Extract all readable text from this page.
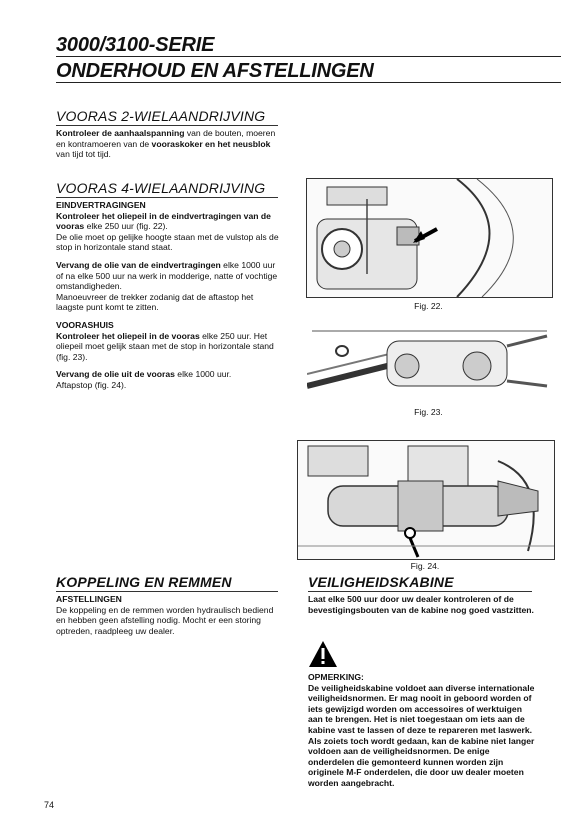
3000/3100-SERIE
ONDERHOUD EN AFSTELLINGEN
VOORAS 2-WIELAANDRIJVING

Kontroleer de aanhaalspanning van de bouten, moeren en kontramoeren van de vooraskoker en het neusblok van tijd tot tijd.

VOORAS 4-WIELAANDRIJVING

EINDVERTRAGINGEN

Kontroleer het oliepeil in de eindvertragingen van de vooras elke 250 uur (fig. 22).

De olie moet op gelijke hoogte staan met de vulstop als de stop in horizontale stand staat.

Vervang de olie van de eindvertragingen elke 1000 uur of na elke 500 uur na werk in modderige, natte of vochtige omstandigheden.

Manoeuvreer de trekker zodanig dat de aftastop het laagste punt komt te zitten.

VOORASHUIS

Kontroleer het oliepeil in de vooras elke 250 uur. Het oliepeil moet gelijk staan met de stop in horizontale stand (fig. 23).

Vervang de olie uit de vooras elke 1000 uur.

Aftapstop (fig. 24).

Fig. 22.
Fig. 23.
Fig. 24.
KOPPELING EN REMMEN

AFSTELLINGEN

De koppeling en de remmen worden hydraulisch bediend en hebben geen afstelling nodig. Mocht er een storing optreden, raadpleeg uw dealer.

VEILIGHEIDSKABINE
Laat elke 500 uur door uw dealer kontroleren of de bevestigingsbouten van de kabine nog goed vastzitten.

OPMERKING:

De veiligheidskabine voldoet aan diverse internationale veiligheidsnormen. Er mag nooit in geboord worden of iets gewijzigd worden om accessoires of werktuigen aan te brengen. Het is niet toegestaan om iets aan de kabine vast te lassen of deze te repareren met laswerk. Als zoiets toch wordt gedaan, kan de kabine niet langer voldoen aan de veiligheidsnormen. De enige onderdelen die gemonteerd kunnen worden zijn originele M-F onderdelen, die door uw dealer moeten worden aangebracht.

74
